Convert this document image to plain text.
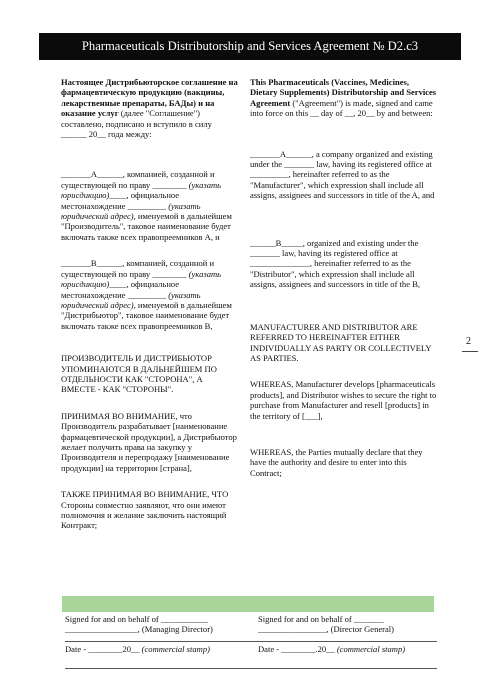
Pharmaceuticals Distributorship and Services Agreement № D2.c3

Настоящее Дистрибьюторское соглашение на фармацевтическую продукцию (вакцины, лекарственные препараты, БАДы) и на оказание услуг (далее "Соглашение") составлено, подписано и вступило в силу ______ 20__ года между:

_______А______, компанией, созданной и существующей по праву ________ (указать юрисдикцию)____, официальное местонахождение _________ (указать юридический адрес), именуемой в дальнейшем "Производитель", таковое наименование будет включать также всех правопреемников А, и

_______В______, компанией, созданной и существующей по праву ________ (указать юрисдикцию)____, официальное местонахождение _________ (указать юридический адрес), именуемой в дальнейшем "Дистрибьютор", таковое наименование будет включать также всех правопреемников В,

ПРОИЗВОДИТЕЛЬ И ДИСТРИБЬЮТОР УПОМИНАЮТСЯ В ДАЛЬНЕЙШЕМ ПО ОТДЕЛЬНОСТИ КАК "СТОРОНА", А ВМЕСТЕ - КАК "СТОРОНЫ".

ПРИНИМАЯ ВО ВНИМАНИЕ, что Производитель разрабатывает [наименование фармацевтической продукции], а Дистрибьютор желает получить права на закупку у Производителя и перепродажу [наименование продукции] на территории [страна],

ТАКЖЕ ПРИНИМАЯ ВО ВНИМАНИЕ, ЧТО Стороны совместно заявляют, что они имеют полномочия и желание заключить настоящий Контракт;

This Pharmaceuticals (Vaccines, Medicines, Dietary Supplements) Distributorship and Services Agreement ("Agreement") is made, signed and came into force on this __ day of __, 20__ by and between:

_______A______, a company organized and existing under the _______ law, having its registered office at _________, hereinafter referred to as the "Manufacturer", which expression shall include all assigns, assignees and successors in title of the A, and

______B_____, organized and existing under the _______ law, having its registered office at ______________, hereinafter referred to as the "Distributor", which expression shall include all assigns, assignees and successors in title of the B,

MANUFACTURER AND DISTRIBUTOR ARE REFERRED TO HEREINAFTER EITHER INDIVIDUALLY AS PARTY OR COLLECTIVELY AS PARTIES.

WHEREAS, Manufacturer develops [pharmaceuticals products], and Distributor wishes to secure the right to purchase from Manufacturer and resell [products] in the territory of [___],

WHEREAS, the Parties mutually declare that they have the authority and desire to enter into this Contract;

2
Signed for and on behalf of ___________
_________________, (Managing Director)
Date - ________20__ (commercial stamp)
Signed for and on behalf of _______
________________, (Director General)
Date - ________.20__ (commercial stamp)
